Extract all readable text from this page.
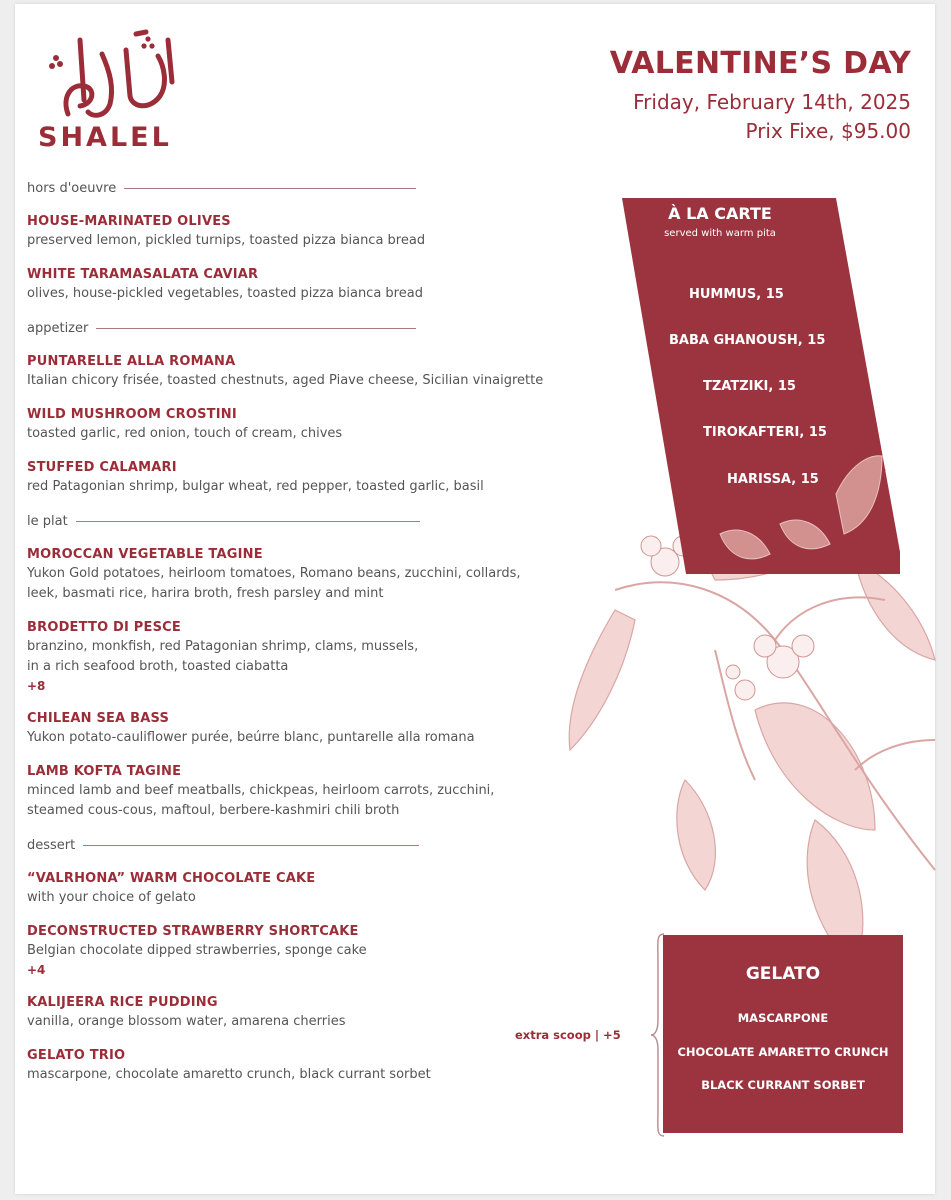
SHALEL
VALENTINE’S DAY
Friday, February 14th, 2025
Prix Fixe, $95.00
À LA CARTE
served with warm pita
HUMMUS, 15
BABA GHANOUSH, 15
TZATZIKI, 15
TIROKAFTERI, 15
HARISSA, 15
hors d'oeuvre
HOUSE-MARINATED OLIVES
preserved lemon, pickled turnips, toasted pizza bianca bread
WHITE TARAMASALATA CAVIAR
olives, house-pickled vegetables, toasted pizza bianca bread
appetizer
PUNTARELLE ALLA ROMANA
Italian chicory frisée, toasted chestnuts, aged Piave cheese, Sicilian vinaigrette
WILD MUSHROOM CROSTINI
toasted garlic, red onion, touch of cream, chives
STUFFED CALAMARI
red Patagonian shrimp, bulgar wheat, red pepper, toasted garlic, basil
le plat
MOROCCAN VEGETABLE TAGINE
Yukon Gold potatoes, heirloom tomatoes, Romano beans, zucchini, collards,
leek, basmati rice, harira broth, fresh parsley and mint
BRODETTO DI PESCE
branzino, monkfish, red Patagonian shrimp, clams, mussels,
in a rich seafood broth, toasted ciabatta
+8
CHILEAN SEA BASS
Yukon potato-cauliflower purée, beúrre blanc, puntarelle alla romana
LAMB KOFTA TAGINE
minced lamb and beef meatballs, chickpeas, heirloom carrots, zucchini,
steamed cous-cous, maftoul, berbere-kashmiri chili broth
dessert
“VALRHONA” WARM CHOCOLATE CAKE
with your choice of gelato
DECONSTRUCTED STRAWBERRY SHORTCAKE
Belgian chocolate dipped strawberries, sponge cake
+4
KALIJEERA RICE PUDDING
vanilla, orange blossom water, amarena cherries
GELATO TRIO
mascarpone, chocolate amaretto crunch, black currant sorbet
extra scoop | +5
GELATO
MASCARPONE
CHOCOLATE AMARETTO CRUNCH
BLACK CURRANT SORBET
